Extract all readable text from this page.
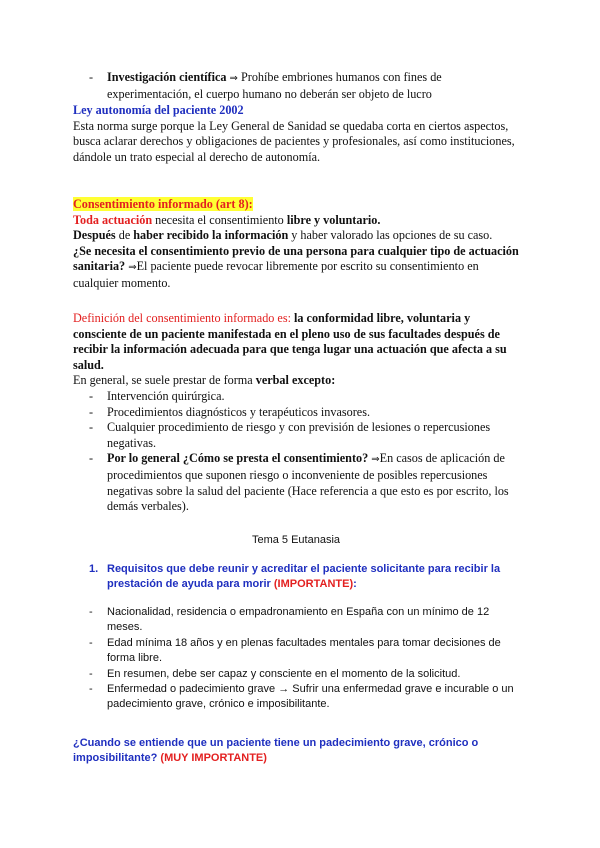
- Investigación científica ⇒ Prohíbe embriones humanos con fines de experimentación, el cuerpo humano no deberán ser objeto de lucro

Ley autonomía del paciente 2002

Esta norma surge porque la Ley General de Sanidad se quedaba corta en ciertos aspectos, busca aclarar derechos y obligaciones de pacientes y profesionales, así como instituciones, dándole un trato especial al derecho de autonomía.

Consentimiento informado (art 8):

Toda actuación necesita el consentimiento libre y voluntario.

Después de haber recibido la información y haber valorado las opciones de su caso.

¿Se necesita el consentimiento previo de una persona para cualquier tipo de actuación sanitaria? ⇒El paciente puede revocar libremente por escrito su consentimiento en cualquier momento.

Definición del consentimiento informado es: la conformidad libre, voluntaria y consciente de un paciente manifestada en el pleno uso de sus facultades después de recibir la información adecuada para que tenga lugar una actuación que afecta a su salud.

En general, se suele prestar de forma verbal excepto:

- Intervención quirúrgica.

- Procedimientos diagnósticos y terapéuticos invasores.

- Cualquier procedimiento de riesgo y con previsión de lesiones o repercusiones negativas.

- Por lo general ¿Cómo se presta el consentimiento? ⇒En casos de aplicación de procedimientos que suponen riesgo o inconveniente de posibles repercusiones negativas sobre la salud del paciente (Hace referencia a que esto es por escrito, los demás verbales).

Tema 5 Eutanasia

1. Requisitos que debe reunir y acreditar el paciente solicitante para recibir la prestación de ayuda para morir (IMPORTANTE):

- Nacionalidad, residencia o empadronamiento en España con un mínimo de 12 meses.

- Edad mínima 18 años y en plenas facultades mentales para tomar decisiones de forma libre.

- En resumen, debe ser capaz y consciente en el momento de la solicitud.

- Enfermedad o padecimiento grave → Sufrir una enfermedad grave e incurable o un padecimiento grave, crónico e imposibilitante.

¿Cuando se entiende que un paciente tiene un padecimiento grave, crónico o imposibilitante? (MUY IMPORTANTE)
